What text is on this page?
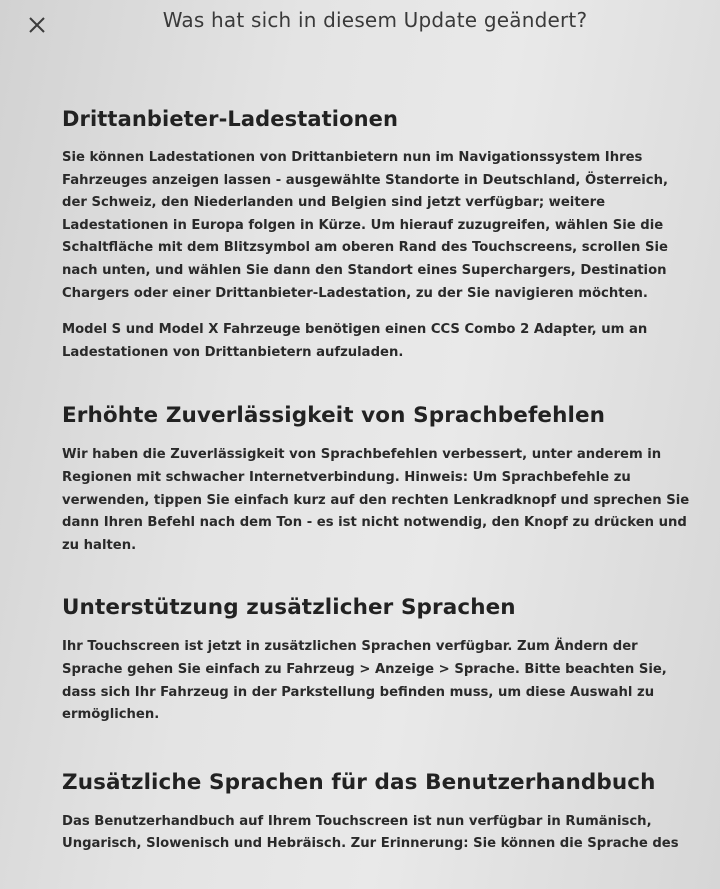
Was hat sich in diesem Update geändert?
Drittanbieter-Ladestationen

Sie können Ladestationen von Drittanbietern nun im Navigationssystem Ihres Fahrzeuges anzeigen lassen - ausgewählte Standorte in Deutschland, Österreich, der Schweiz, den Niederlanden und Belgien sind jetzt verfügbar; weitere Ladestationen in Europa folgen in Kürze. Um hierauf zuzugreifen, wählen Sie die Schaltfläche mit dem Blitzsymbol am oberen Rand des Touchscreens, scrollen Sie nach unten, und wählen Sie dann den Standort eines Superchargers, Destination Chargers oder einer Drittanbieter-Ladestation, zu der Sie navigieren möchten.

Model S und Model X Fahrzeuge benötigen einen CCS Combo 2 Adapter, um an Ladestationen von Drittanbietern aufzuladen.

Erhöhte Zuverlässigkeit von Sprachbefehlen

Wir haben die Zuverlässigkeit von Sprachbefehlen verbessert, unter anderem in Regionen mit schwacher Internetverbindung. Hinweis: Um Sprachbefehle zu verwenden, tippen Sie einfach kurz auf den rechten Lenkradknopf und sprechen Sie dann Ihren Befehl nach dem Ton - es ist nicht notwendig, den Knopf zu drücken und zu halten.

Unterstützung zusätzlicher Sprachen

Ihr Touchscreen ist jetzt in zusätzlichen Sprachen verfügbar. Zum Ändern der Sprache gehen Sie einfach zu Fahrzeug > Anzeige > Sprache. Bitte beachten Sie, dass sich Ihr Fahrzeug in der Parkstellung befinden muss, um diese Auswahl zu ermöglichen.

Zusätzliche Sprachen für das Benutzerhandbuch

Das Benutzerhandbuch auf Ihrem Touchscreen ist nun verfügbar in Rumänisch, Ungarisch, Slowenisch und Hebräisch. Zur Erinnerung: Sie können die Sprache des
